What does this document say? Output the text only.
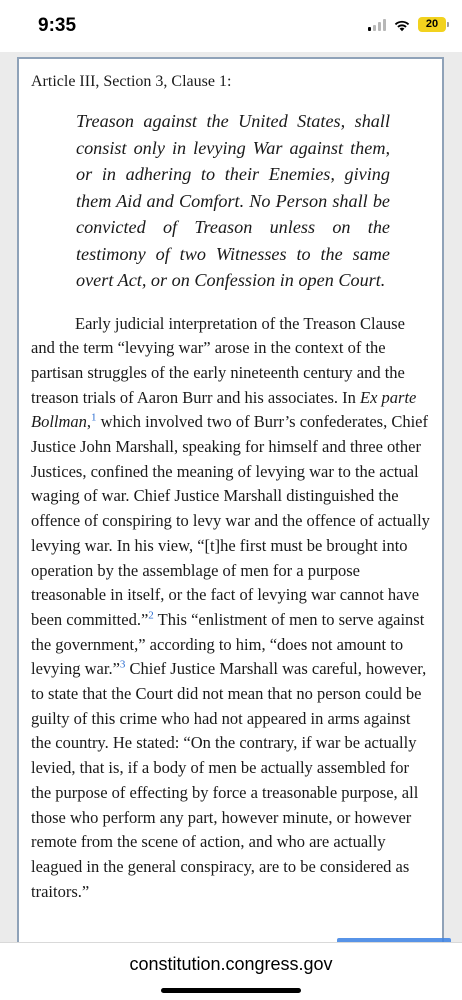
9:35	20
Article III, Section 3, Clause 1:
Treason against the United States, shall consist only in levying War against them, or in adhering to their Enemies, giving them Aid and Comfort. No Person shall be convicted of Treason unless on the testimony of two Witnesses to the same overt Act, or on Confession in open Court.

Early judicial interpretation of the Treason Clause and the term “levying war” arose in the context of the partisan struggles of the early nineteenth century and the treason trials of Aaron Burr and his associates. In Ex parte Bollman,$^1$ which involved two of Burr’s confederates, Chief Justice John Marshall, speaking for himself and three other Justices, confined the meaning of levying war to the actual waging of war. Chief Justice Marshall distinguished the offence of conspiring to levy war and the offence of actually levying war. In his view, “[t]he first must be brought into operation by the assemblage of men for a purpose treasonable in itself, or the fact of levying war cannot have been committed.”$^2$ This “enlistment of men to serve against the government,” according to him, “does not amount to levying war.”$^3$ Chief Justice Marshall was careful, however, to state that the Court did not mean that no person could be guilty of this crime who had not appeared in arms against the country. He stated: “On the contrary, if war be actually levied, that is, if a body of men be actually assembled for the purpose of effecting by force a treasonable purpose, all those who perform any part, however minute, or however remote from the scene of action, and who are actually leagued in the general conspiracy, are to be considered as traitors.”

constitution.congress.gov
